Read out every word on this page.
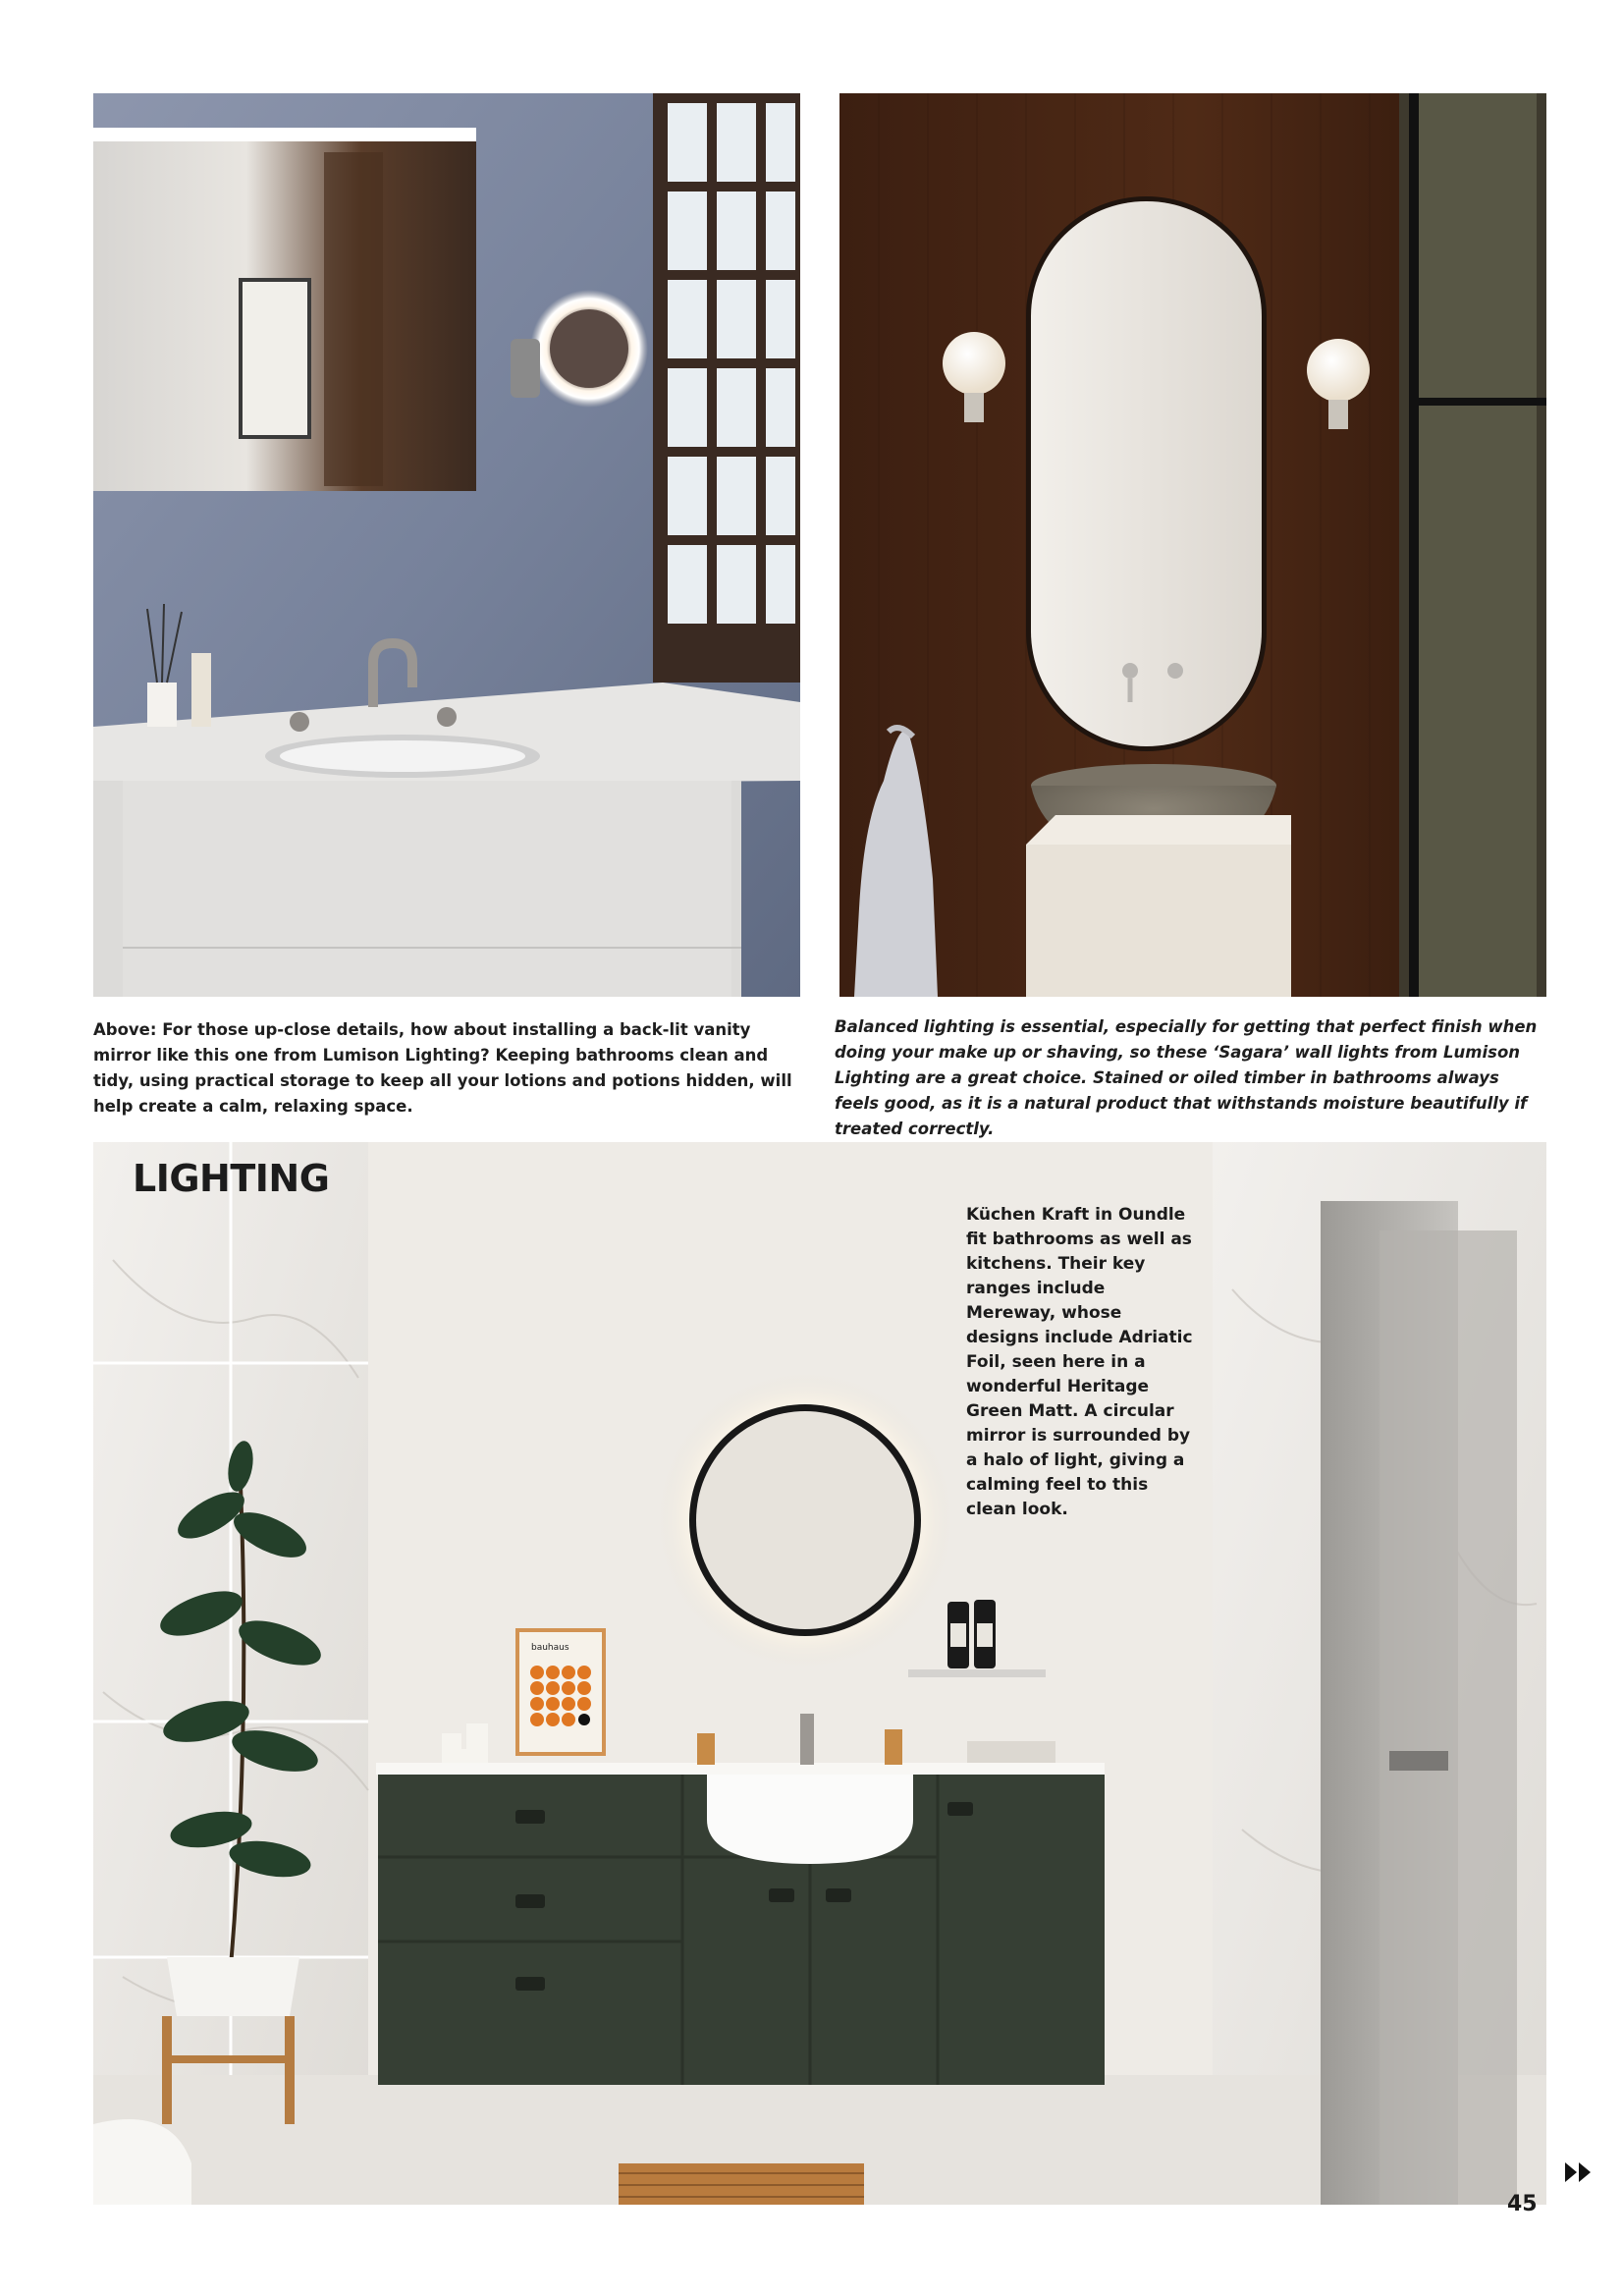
Above: For those up-close details, how about installing a back-lit vanity mirror like this one from Lumison Lighting? Keeping bathrooms clean and tidy, using practical storage to keep all your lotions and potions hidden, will help create a calm, relaxing space.
Balanced lighting is essential, especially for getting that perfect finish when doing your make up or shaving, so these ‘Sagara’ wall lights from Lumison Lighting are a great choice. Stained or oiled timber in bathrooms always feels good, as it is a natural product that withstands moisture beautifully if treated correctly.
bauhaus
LIGHTING
Küchen Kraft in Oundle fit bathrooms as well as kitchens. Their key ranges include Mereway, whose designs include Adriatic Foil, seen here in a wonderful Heritage Green Matt. A circular mirror is surrounded by a halo of light, giving a calming feel to this clean look.
45
